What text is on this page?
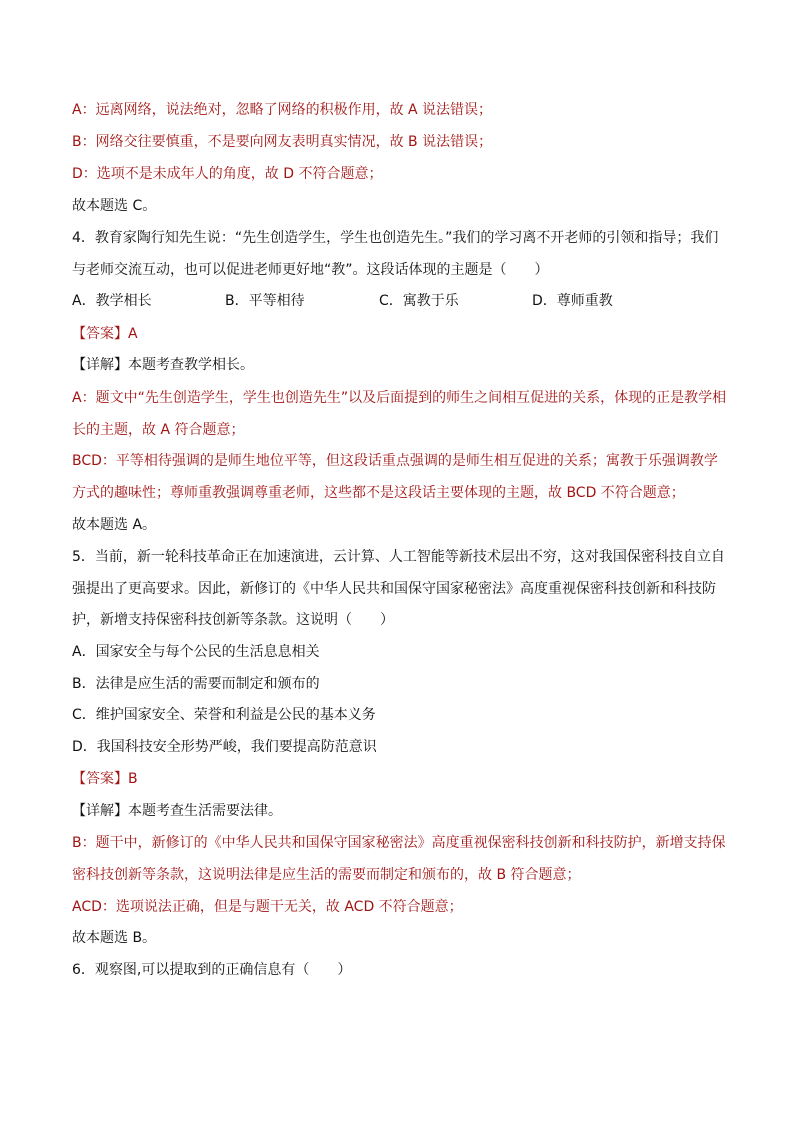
A：远离网络，说法绝对，忽略了网络的积极作用，故 A 说法错误；
B：网络交往要慎重，不是要向网友表明真实情况，故 B 说法错误；
D：选项不是未成年人的角度，故 D 不符合题意；
故本题选 C。
4．教育家陶行知先生说：“先生创造学生，学生也创造先生。”我们的学习离不开老师的引领和指导；我们
与老师交流互动，也可以促进老师更好地“教”。这段话体现的主题是（　　）
A．教学相长	B．平等相待	C．寓教于乐	D．尊师重教
【答案】A
【详解】本题考查教学相长。
A：题文中“先生创造学生，学生也创造先生”以及后面提到的师生之间相互促进的关系，体现的正是教学相
长的主题，故 A 符合题意；
BCD：平等相待强调的是师生地位平等，但这段话重点强调的是师生相互促进的关系；寓教于乐强调教学
方式的趣味性；尊师重教强调尊重老师，这些都不是这段话主要体现的主题，故 BCD 不符合题意；
故本题选 A。
5．当前，新一轮科技革命正在加速演进，云计算、人工智能等新技术层出不穷，这对我国保密科技自立自
强提出了更高要求。因此，新修订的《中华人民共和国保守国家秘密法》高度重视保密科技创新和科技防
护，新增支持保密科技创新等条款。这说明（　　）
A．国家安全与每个公民的生活息息相关
B．法律是应生活的需要而制定和颁布的
C．维护国家安全、荣誉和利益是公民的基本义务
D．我国科技安全形势严峻，我们要提高防范意识
【答案】B
【详解】本题考查生活需要法律。
B：题干中，新修订的《中华人民共和国保守国家秘密法》高度重视保密科技创新和科技防护，新增支持保
密科技创新等条款，这说明法律是应生活的需要而制定和颁布的，故 B 符合题意；
ACD：选项说法正确，但是与题干无关，故 ACD 不符合题意；
故本题选 B。
6．观察图,可以提取到的正确信息有（　　）
